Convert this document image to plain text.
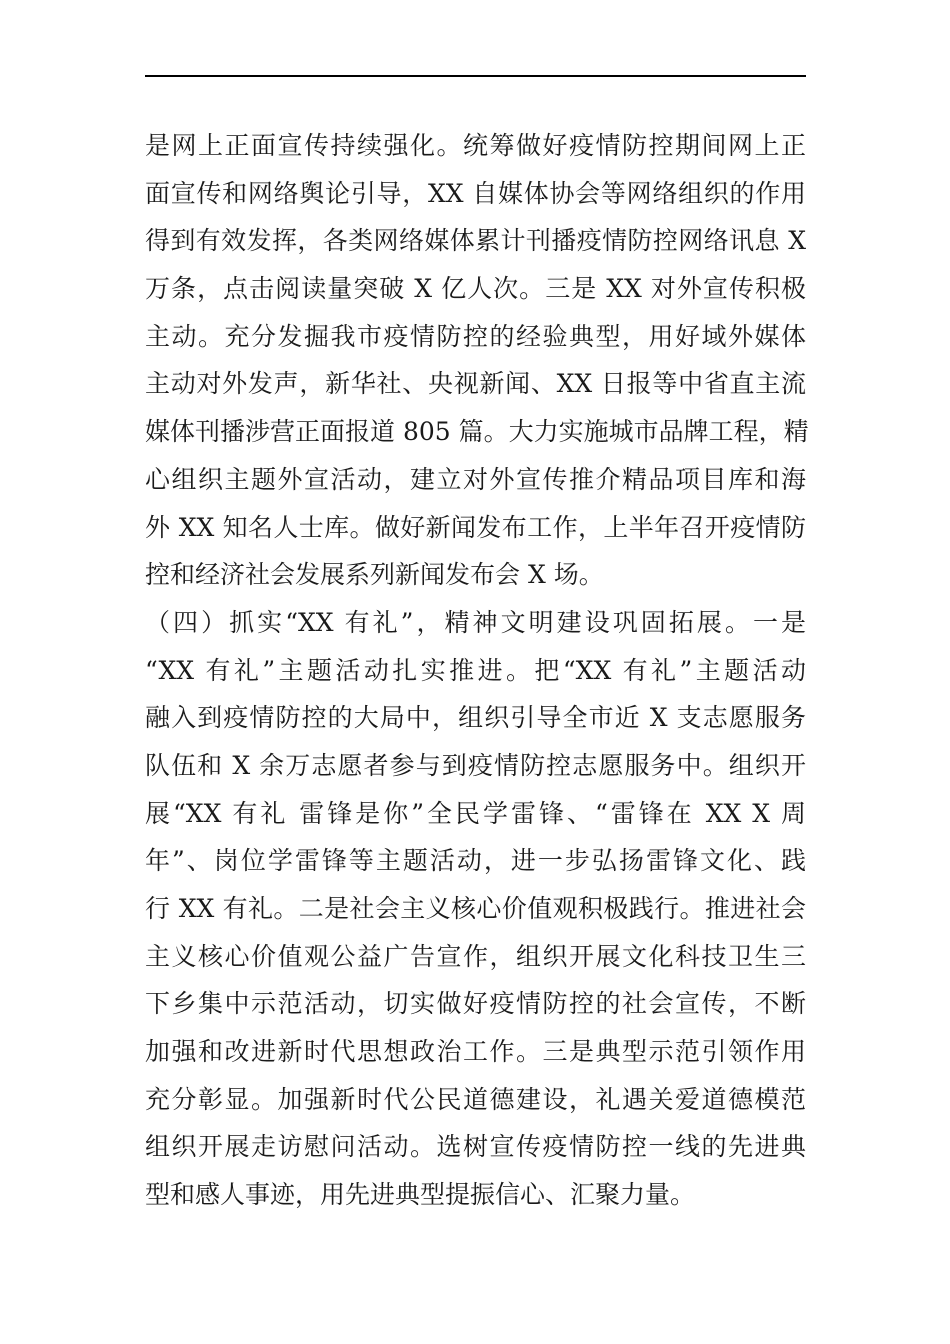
是网上正面宣传持续强化。统筹做好疫情防控期间网上正
面宣传和网络舆论引导，XX 自媒体协会等网络组织的作用
得到有效发挥，各类网络媒体累计刊播疫情防控网络讯息 X
万条，点击阅读量突破 X 亿人次。三是 XX 对外宣传积极
主动。充分发掘我市疫情防控的经验典型，用好域外媒体
主动对外发声，新华社、央视新闻、XX 日报等中省直主流
媒体刊播涉营正面报道 805 篇。大力实施城市品牌工程，精
心组织主题外宣活动，建立对外宣传推介精品项目库和海
外 XX 知名人士库。做好新闻发布工作，上半年召开疫情防
控和经济社会发展系列新闻发布会 X 场。
（四）抓实“XX 有礼”，精神文明建设巩固拓展。一是
“XX 有礼”主题活动扎实推进。把“XX 有礼”主题活动
融入到疫情防控的大局中，组织引导全市近 X 支志愿服务
队伍和 X 余万志愿者参与到疫情防控志愿服务中。组织开
展“XX 有礼 雷锋是你”全民学雷锋、“雷锋在 XX X 周
年”、岗位学雷锋等主题活动，进一步弘扬雷锋文化、践
行 XX 有礼。二是社会主义核心价值观积极践行。推进社会
主义核心价值观公益广告宣作，组织开展文化科技卫生三
下乡集中示范活动，切实做好疫情防控的社会宣传，不断
加强和改进新时代思想政治工作。三是典型示范引领作用
充分彰显。加强新时代公民道德建设，礼遇关爱道德模范
组织开展走访慰问活动。选树宣传疫情防控一线的先进典
型和感人事迹，用先进典型提振信心、汇聚力量。
